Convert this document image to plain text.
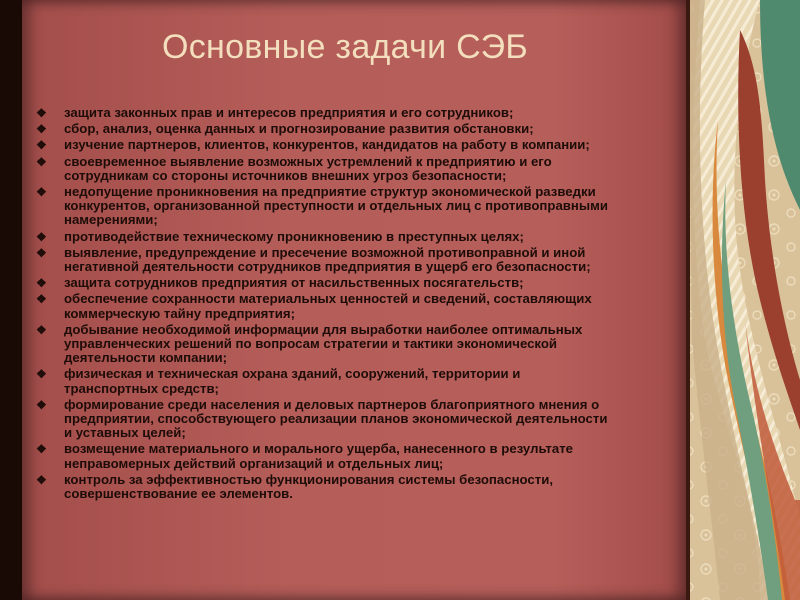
Основные задачи СЭБ
❖ защита законных прав и интересов предприятия и его сотрудников;
❖ сбор, анализ, оценка данных и прогнозирование развития обстановки;
❖ изучение партнеров, клиентов, конкурентов, кандидатов на работу в компании;
❖ своевременное выявление возможных устремлений к предприятию и его
сотрудникам со стороны источников внешних угроз безопасности;
❖ недопущение проникновения на предприятие структур экономической разведки
конкурентов, организованной преступности и отдельных лиц с противоправными
намерениями;
❖ противодействие техническому проникновению в преступных целях;
❖ выявление, предупреждение и пресечение возможной противоправной и иной
негативной деятельности сотрудников предприятия в ущерб его безопасности;
❖ защита сотрудников предприятия от насильственных посягательств;
❖ обеспечение сохранности материальных ценностей и сведений, составляющих
коммерческую тайну предприятия;
❖ добывание необходимой информации для выработки наиболее оптимальных
управленческих решений по вопросам стратегии и тактики экономической
деятельности компании;
❖ физическая и техническая охрана зданий, сооружений, территории и
транспортных средств;
❖ формирование среди населения и деловых партнеров благоприятного мнения о
предприятии, способствующего реализации планов экономической деятельности
и уставных целей;
❖ возмещение материального и морального ущерба, нанесенного в результате
неправомерных действий организаций и отдельных лиц;
❖ контроль за эффективностью функционирования системы безопасности,
совершенствование ее элементов.
